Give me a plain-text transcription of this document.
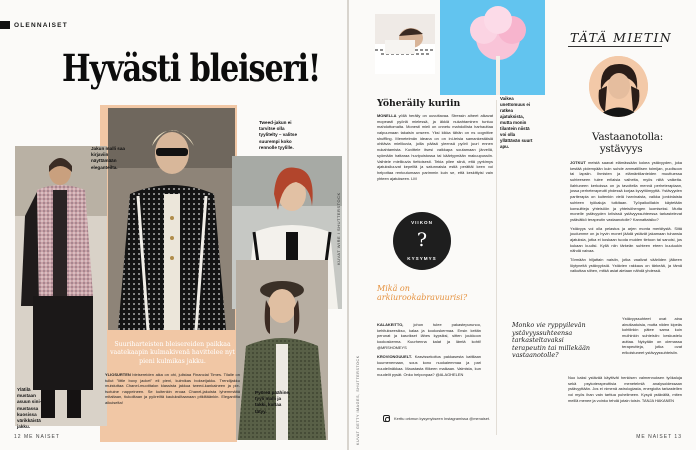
OLENNAISET
Hyvästi bleiseri!
Jakun malli saa kirjaviin näyttämään eleganteilta.
Tweed-jakun ei tarvitse olla tyylitelty – valitse suurempi koko rennolle tyylille.
Ylätilä mustaan asuun sini-mustassa kuosissa värikkäistä jakku.
Pyöreä päähine, tyyli malli ja takki, kultaa tätyy.
KUVAT WIRE / SHUTTERSTOCK
Suuriharteisten bleisereiden paikkaa vaatekaapin kulmakivenä havittelee nyt pieni kulmikas jakku.
YLIOSURTEN bleisereiden aika on ohi, julistaa Financial Times. Tilalle on tullut "little boxy jacket" eli pieni, kulmikas bokseijakku. Trendijakku muistuttaa Chanel-muotitalon klassista jakkua tweed-kankaineen ja pie-tsotuine nappeineen. Se kuitenkin eroaa Chanel-jakuista lyhemmältä mitaltaan, tiukoiltaan ja pyöreiltä kauluksiltaanaan pitkiltäänkin. Elegantilta aikuiselta!
12 ME NAISET
Vaikea unettomuus ei ratkea ajatuksista, mutta monin tilantein niistä voi olla yllättävän suurt apu.
Yöheräily kuriin
MONELLA yöllä heräily on uuvuttavaa. Stressin aiheet alkavat mopeasti pyöriä mielessä, ja äkkiä nukahtaminen tuntuu mahdottomalta. Monesti mieli on onnetu mahdollista harhauttaa valpuumaan takaisin unseen. Yksi kikka tähän on ns cognitive shuffling. Menetelmän ideana on on ini-teisia samankestäisiä ohitävia mielikuvia, joilla pääsä yleensä pyörii juuri ennen nukahtamista. Kuvittele itsesi vaikkapa soutamaan järvellä, syömään hattaraa huvipuistossa tai käärtyymään makuupussiin. Vaihtele mielikuvia tiettoisesti. Tekia pilee siinä, että pyrkimys ajatuksiluuvat kepeiltä ja satunnaisia estiä perättäi keen voi helpottaa rentoutumaan parimmin kuin se, että keskittyisi vain yhteen ajatukseen. LM
VIIKON
?
KYSYMYS
Mikä on arkiurookabravuurisi?

KALAKEITTO,	johon tulee pakastepurunoo, kehitukseesikso, kalaa ja kookoskermaa. Ensin keitän perunat ja kasvikset lähes kypsiksi, sitten joukkoon kookoskerma. Kuurhenna kalat ja lämtä kohti! @MRSHOMEYS

KROVIONGUUELT. Kasvissekoitus pakkasesta kattilaan kuumenemaan, sous kono nuokaiemmaa ja pari nuudelinäkkaa. Maustasta filikeen maikaan. Valmista, kun nuudelit pysät. Onko helponpaa? @ALAGHELEN

Kerttu orkmun kysymykseen Instagramissa @menaiset.
KUVAT GETTY IMAGES, SHUTTERSTOCK
TÄTÄ MIETIN
Vastaanotolla: ystävyys

JOTKUT meistä saavat elämässään kokea ystävyyden, joka kestää pidempään kuin suhde ammatillisen toimijan, puolisoon tai lapsiin. Ihmisten ja elämäntilanteiden muuttuessa suhteeseen tulee erilaisia vaiheita, myös niitä vaikeita. Ilahtuneen kerkoissa on ja tavoitella mennä perheterapiaan, jossa perheterapeutti yhdessä korjaa kyvyttömyyttä. Ystävyyden pariterapia on kuitenkin vielä harvinaista, vaikka jonkinlaista suhteen työkaluja tutkitaan. Työpaikoillakin käytetään konsultteja yhteisöön ja yhteisöhengen luomiseksi. Mutta monelle ystävyyden kriisissä ystävyyssuhteessa tarkastelevat ystävätkö terapeutin vastaanotolle? Kannattaisiko?

Ystävyys voi olla pelastus ja arjen monta merkitystä. Siitä joudumme on ja hyvin monet jäädä ystävät jakamaan tuhansia ajatuksia, jotka ei koskaan tuoda muiden tietoon tai sanoisi, jos kukaan kuulisi. Kyllä niin tärkeän suhteen eteen kuuluukin nähdä vaivaa.

Törmään hiljattain naisiin, jotka vaalivat vääriiden jälkeen löytyneitä ystävyyksiä. Ystävien rakkaus on tärkeää, ja tämä vaikuttaa siihen, mitkä asiat aletaan nähdä yhdessä.

Monko vie ryppyilevän ystävyyssuhteensa tarkasteltavaksi terapeutin tai millekään vastaanotolle?
Ystävyyssuhteet ovat aina ainutlaatuisia, mutta niiden kipeäs kohtiinkin pätee sama kuin muihinkin suhteisiin: keskustelu auttaa. Nykyään on olemassa terapeutteja, jotka ovat erikoistuneet ystävyyssuhteisiin.
Nuo kaksi ystävää käyttivät henkisen valmennuksen työkaluja sekä psykoterapeuttisia menetelmiä analysoidessaan ystävyyttään. Jos ei nimenä astrologiasta, energioita tarkastellen voi myös ihan vain tarttua puhelimeen. Kysyä ystävältä, miten meillä menee ja voinko tehdä jotain toisin. TANJA HAKANEN
ME NAISET 13
